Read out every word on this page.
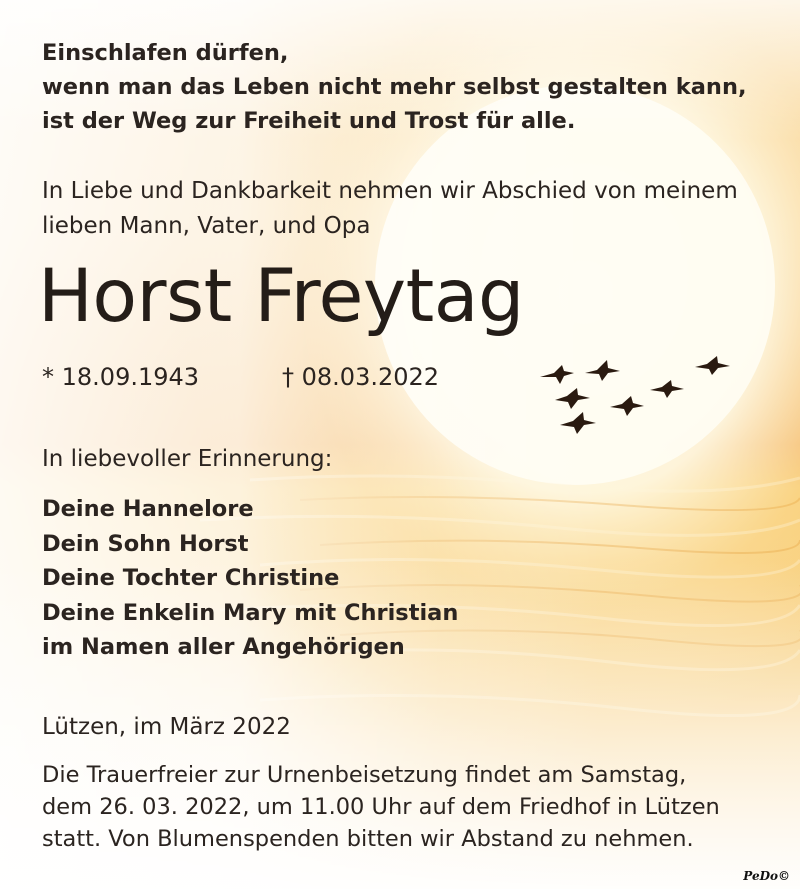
Einschlafen dürfen,
wenn man das Leben nicht mehr selbst gestalten kann,
ist der Weg zur Freiheit und Trost für alle.
In Liebe und Dankbarkeit nehmen wir Abschied von meinem
lieben Mann, Vater, und Opa
Horst Freytag
* 18.09.1943	† 08.03.2022
In liebevoller Erinnerung:
Deine Hannelore
Dein Sohn Horst
Deine Tochter Christine
Deine Enkelin Mary mit Christian
im Namen aller Angehörigen
Lützen, im März 2022
Die Trauerfreier zur Urnenbeisetzung findet am Samstag,
dem 26. 03. 2022, um 11.00 Uhr auf dem Friedhof in Lützen
statt. Von Blumenspenden bitten wir Abstand zu nehmen.
PeDo©
